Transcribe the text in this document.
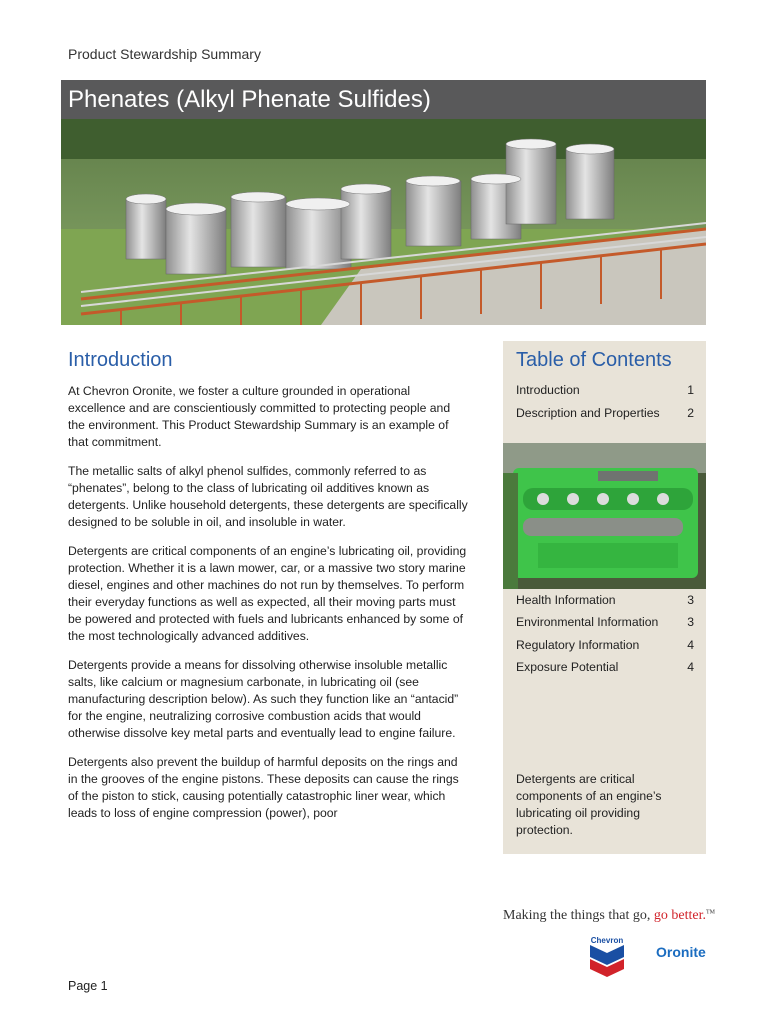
Product Stewardship Summary
Phenates (Alkyl Phenate Sulfides)
Introduction

At Chevron Oronite, we foster a culture grounded in operational excellence and are conscientiously committed to protecting people and the environment. This Product Stewardship Summary is an example of that commitment.

The metallic salts of alkyl phenol sulfides, commonly referred to as “phenates”, belong to the class of lubricating oil additives known as detergents. Unlike household detergents, these detergents are specifically designed to be soluble in oil, and insoluble in water.

Detergents are critical components of an engine’s lubricating oil, providing protection. Whether it is a lawn mower, car, or a massive two story marine diesel, engines and other machines do not run by themselves. To perform their everyday functions as well as expected, all their moving parts must be powered and protected with fuels and lubricants enhanced by some of the most technologically advanced additives.

Detergents provide a means for dissolving otherwise insoluble metallic salts, like calcium or magnesium carbonate, in lubricating oil (see manufacturing description below). As such they function like an “antacid” for the engine, neutralizing corrosive combustion acids that would otherwise dissolve key metal parts and eventually lead to engine failure.

Detergents also prevent the buildup of harmful deposits on the rings and in the grooves of the engine pistons. These deposits can cause the rings of the piston to stick, causing potentially catastrophic liner wear, which leads to loss of engine compression (power), poor

Table of Contents
Introduction	1
Description and Properties 2
Health Information	3
Environmental Information 3
Regulatory Information	4
Exposure Potential	4
Detergents are critical components of an engine’s lubricating oil providing protection.
Making the things that go, go better.™
Chevron
Oronite
Page 1
